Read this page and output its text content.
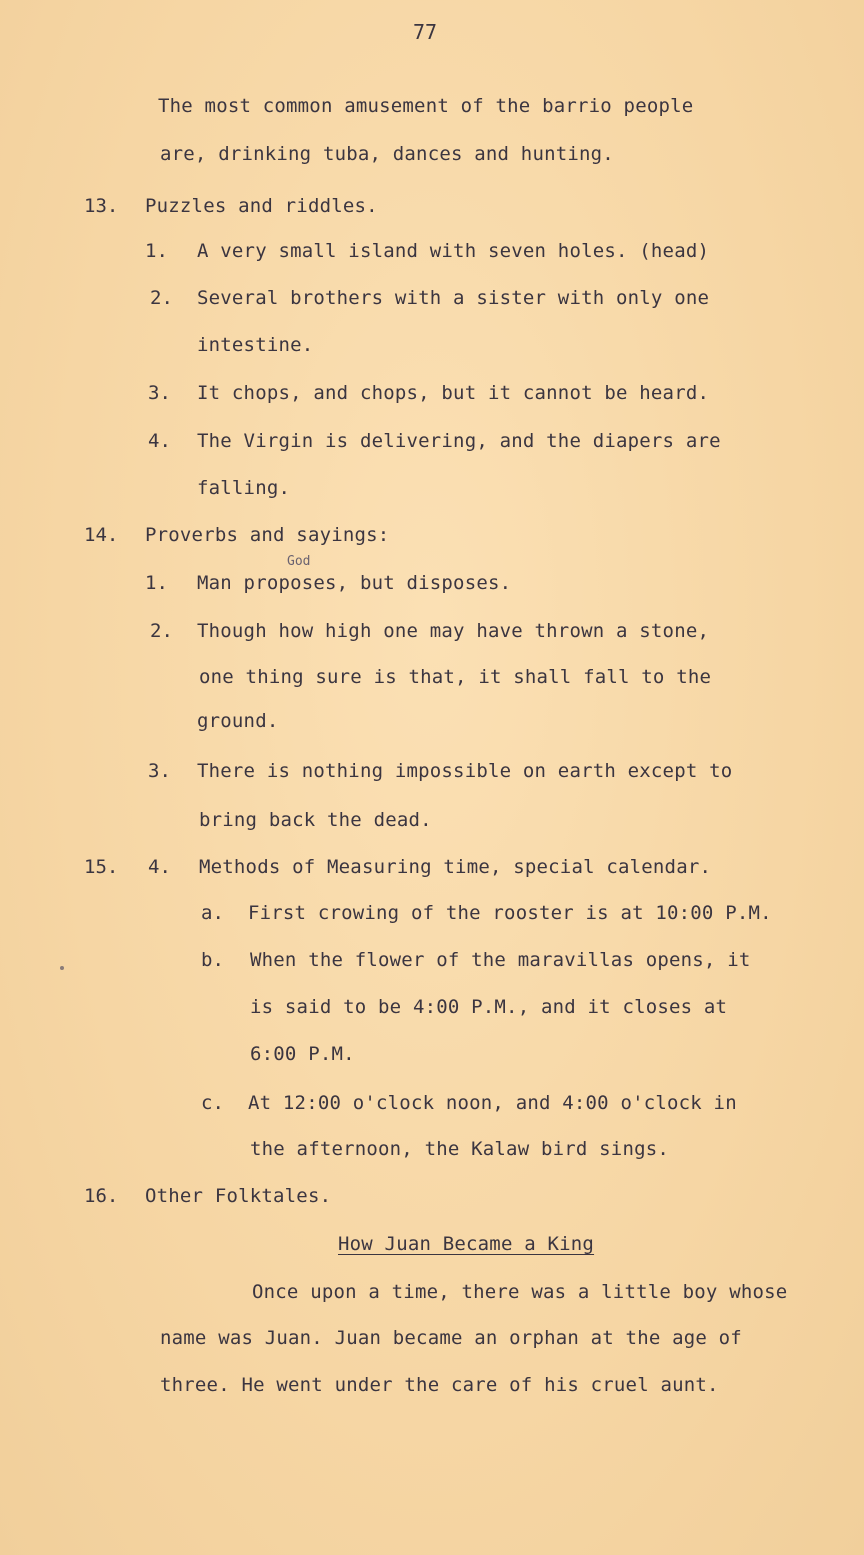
77
The most common amusement of the barrio people
are, drinking tuba, dances and hunting.
13. Puzzles and riddles.
1. A very small island with seven holes. (head)
2. Several brothers with a sister with only one
intestine.
3. It chops, and chops, but it cannot be heard.
4. The Virgin is delivering, and the diapers are
falling.
14. Proverbs and sayings:
God
1. Man proposes, but disposes.
2. Though how high one may have thrown a stone,
one thing sure is that, it shall fall to the
ground.
3. There is nothing impossible on earth except to
bring back the dead.
15. 4. Methods of Measuring time, special calendar.
a. First crowing of the rooster is at 10:00 P.M.
b. When the flower of the maravillas opens, it
is said to be 4:00 P.M., and it closes at
6:00 P.M.
c. At 12:00 o'clock noon, and 4:00 o'clock in
the afternoon, the Kalaw bird sings.
16. Other Folktales.
How Juan Became a King
Once upon a time, there was a little boy whose
name was Juan. Juan became an orphan at the age of
three. He went under the care of his cruel aunt.
